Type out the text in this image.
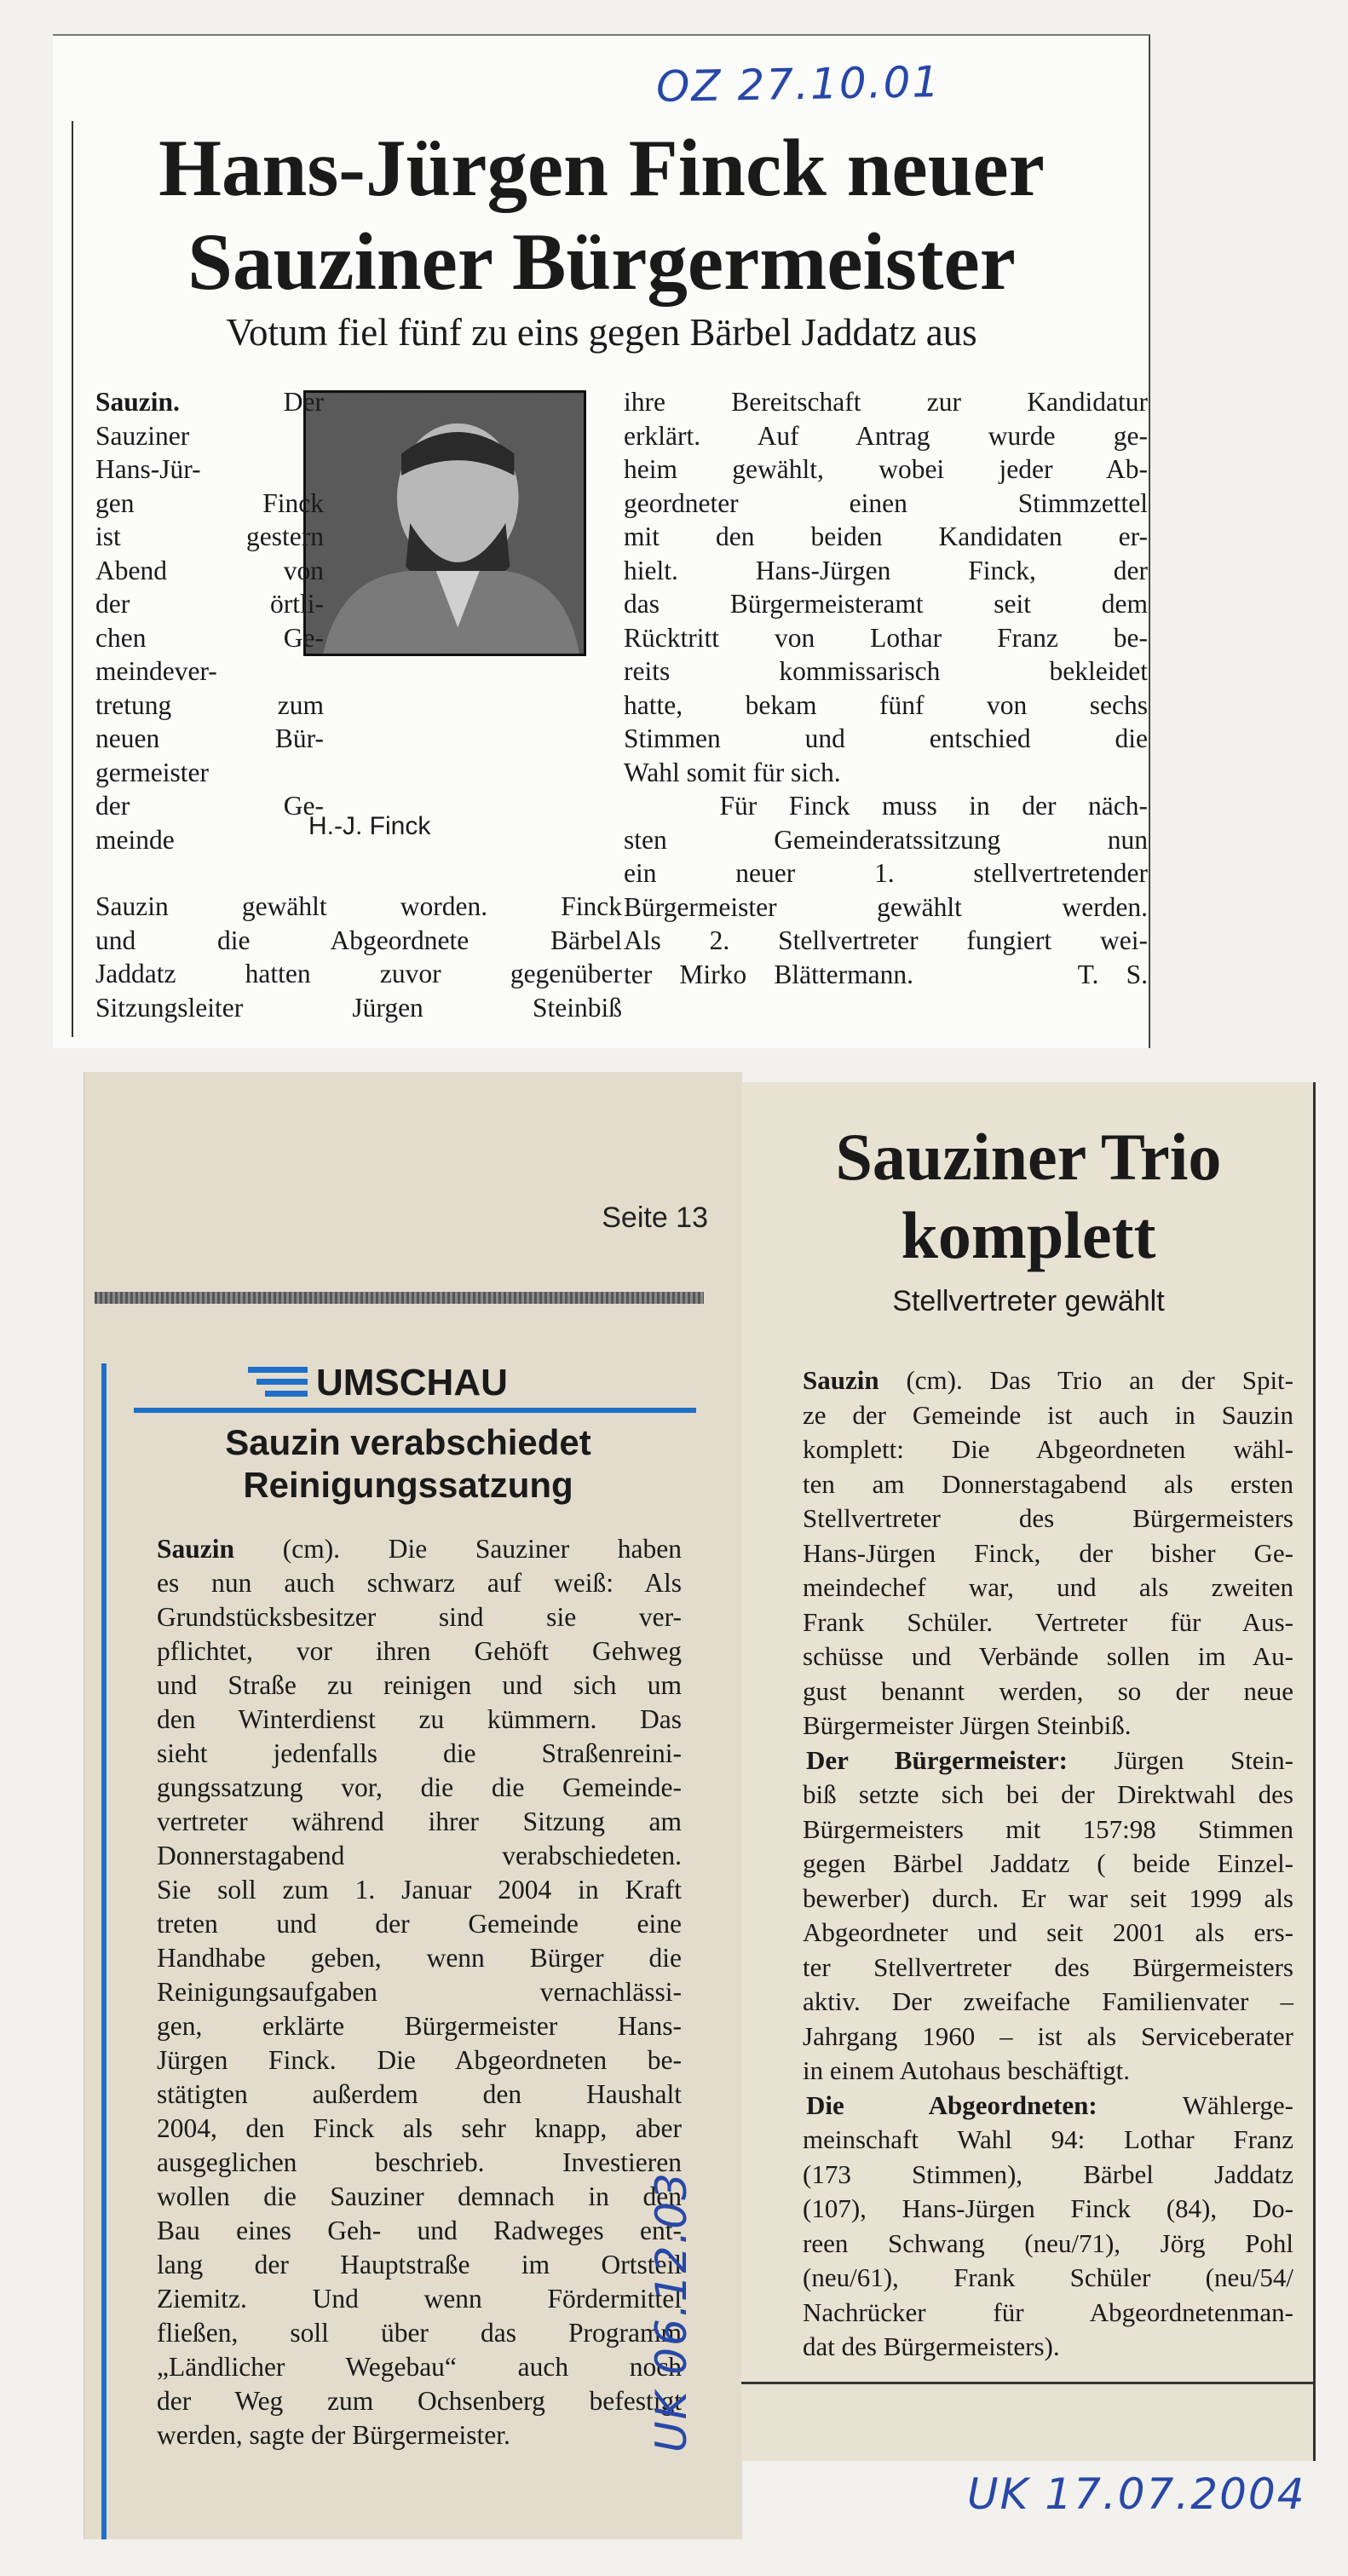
OZ 27.10.01
Hans-Jürgen Finck neuer
Sauziner Bürgermeister
Votum fiel fünf zu eins gegen Bärbel Jaddatz aus
H.-J. Finck
Sauzin. Der
Sauziner
Hans-Jür-
gen Finck
ist gestern
Abend von
der örtli-
chen Ge-
meindever-
tretung zum
neuen Bür-
germeister
der Ge-
meinde
Sauzin gewählt worden. Finck
und die Abgeordnete Bärbel
Jaddatz hatten zuvor gegenüber
Sitzungsleiter Jürgen Steinbiß
ihre Bereitschaft zur Kandidatur
erklärt. Auf Antrag wurde ge-
heim gewählt, wobei jeder Ab-
geordneter einen Stimmzettel
mit den beiden Kandidaten er-
hielt. Hans-Jürgen Finck, der
das Bürgermeisteramt seit dem
Rücktritt von Lothar Franz be-
reits kommissarisch bekleidet
hatte, bekam fünf von sechs
Stimmen und entschied die
Wahl somit für sich.
Für Finck muss in der näch-
sten Gemeinderatssitzung nun
ein neuer 1. stellvertretender
Bürgermeister gewählt werden.
Als 2. Stellvertreter fungiert wei-
ter Mirko Blättermann.      T. S.
Seite 13
UMSCHAU
Sauzin verabschiedet
Reinigungssatzung
Sauzin (cm). Die Sauziner haben
es nun auch schwarz auf weiß: Als
Grundstücksbesitzer sind sie ver-
pflichtet, vor ihren Gehöft Gehweg
und Straße zu reinigen und sich um
den Winterdienst zu kümmern. Das
sieht jedenfalls die Straßenreini-
gungssatzung vor, die die Gemeinde-
vertreter während ihrer Sitzung am
Donnerstagabend verabschiedeten.
Sie soll zum 1. Januar 2004 in Kraft
treten und der Gemeinde eine
Handhabe geben, wenn Bürger die
Reinigungsaufgaben vernachlässi-
gen, erklärte Bürgermeister Hans-
Jürgen Finck. Die Abgeordneten be-
stätigten außerdem den Haushalt
2004, den Finck als sehr knapp, aber
ausgeglichen beschrieb. Investieren
wollen die Sauziner demnach in den
Bau eines Geh- und Radweges ent-
lang der Hauptstraße im Ortsteil
Ziemitz. Und wenn Fördermittel
fließen, soll über das Programm
„Ländlicher Wegebau“ auch noch
der Weg zum Ochsenberg befestigt
werden, sagte der Bürgermeister.	UK 06.12.03
Sauziner Trio
komplett
Stellvertreter gewählt
Sauzin (cm). Das Trio an der Spit-
ze der Gemeinde ist auch in Sauzin
komplett: Die Abgeordneten wähl-
ten am Donnerstagabend als ersten
Stellvertreter des Bürgermeisters
Hans-Jürgen Finck, der bisher Ge-
meindechef war, und als zweiten
Frank Schüler. Vertreter für Aus-
schüsse und Verbände sollen im Au-
gust benannt werden, so der neue
Bürgermeister Jürgen Steinbiß.
Der Bürgermeister: Jürgen Stein-
biß setzte sich bei der Direktwahl des
Bürgermeisters mit 157:98 Stimmen
gegen Bärbel Jaddatz ( beide Einzel-
bewerber) durch. Er war seit 1999 als
Abgeordneter und seit 2001 als ers-
ter Stellvertreter des Bürgermeisters
aktiv. Der zweifache Familienvater –
Jahrgang 1960 – ist als Serviceberater
in einem Autohaus beschäftigt.
Die Abgeordneten: Wählerge-
meinschaft Wahl 94: Lothar Franz
(173 Stimmen), Bärbel Jaddatz
(107), Hans-Jürgen Finck (84), Do-
reen Schwang (neu/71), Jörg Pohl
(neu/61), Frank Schüler (neu/54/
Nachrücker für Abgeordnetenman-
dat des Bürgermeisters).
UK 17.07.2004
